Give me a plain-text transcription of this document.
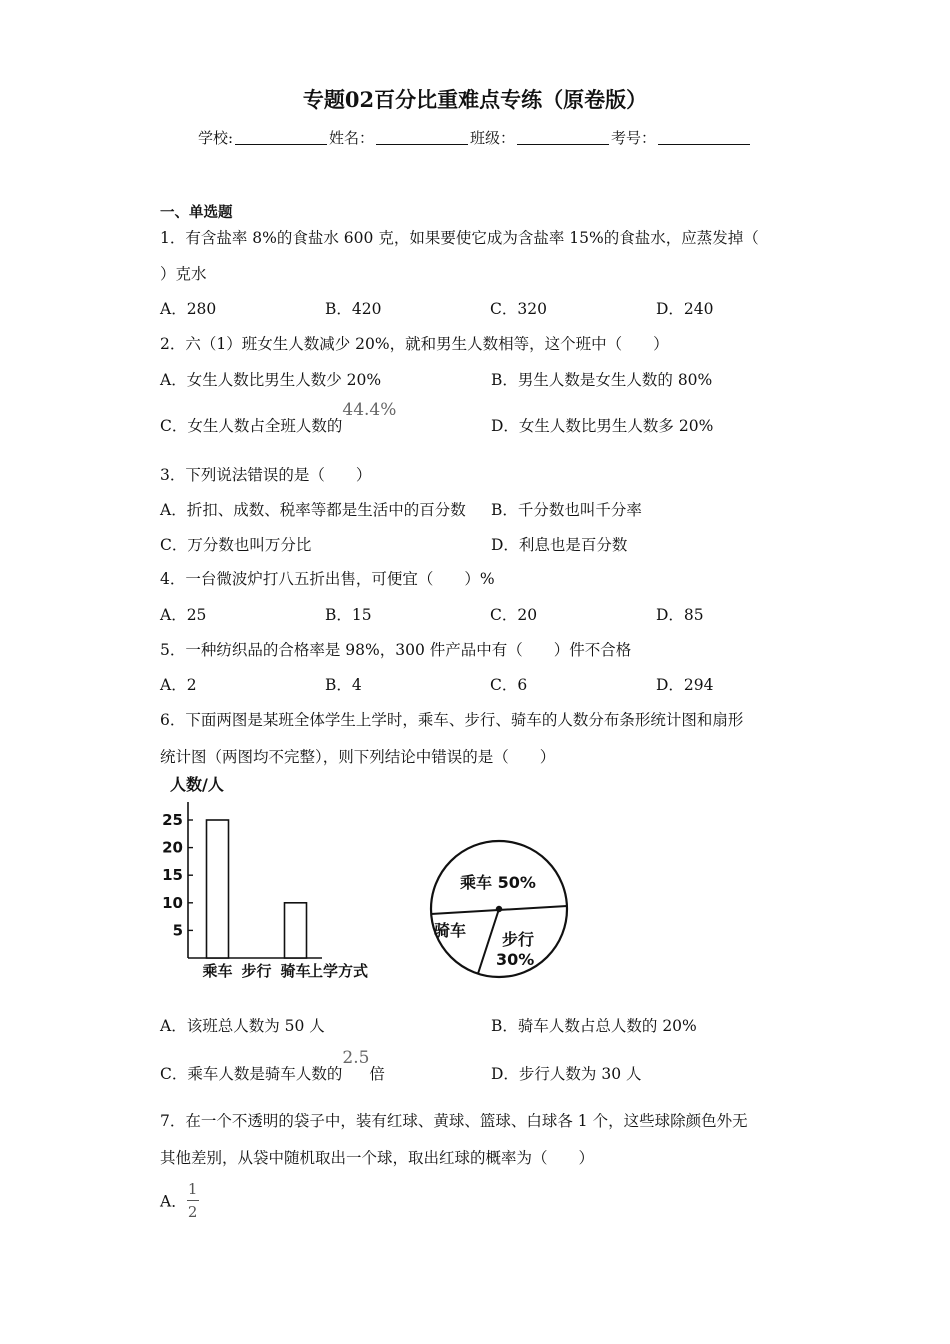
专题02百分比重难点专练（原卷版）
学校:	姓名：	班级：	考号：
一、单选题
1．有含盐率 8%的食盐水 600 克，如果要使它成为含盐率 15%的食盐水，应蒸发掉（
）克水
A．280	B．420	C．320	D．240
2．六（1）班女生人数减少 20%，就和男生人数相等，这个班中（　　）
A．女生人数比男生人数少 20%	B．男生人数是女生人数的 80%
C．女生人数占全班人数的44.4%
D．女生人数比男生人数多 20%
3．下列说法错误的是（　　）
A．折扣、成数、税率等都是生活中的百分数 B．千分数也叫千分率
C．万分数也叫万分比	D．利息也是百分数
4．一台微波炉打八五折出售，可便宜（　　）%
A．25	B．15	C．20	D．85
5．一种纺织品的合格率是 98%，300 件产品中有（　　）件不合格
A．2	B．4	C．6	D．294
6．下面两图是某班全体学生上学时，乘车、步行、骑车的人数分布条形统计图和扇形
统计图（两图均不完整），则下列结论中错误的是（　　）
人数/人
5
10
15
20
25
乘车 步行 骑车
上学方式
乘车 50%
骑车 步行
30%
A．该班总人数为 50 人	B．骑车人数占总人数的 20%
C．乘车人数是骑车人数的2.5倍	D．步行人数为 30 人
7．在一个不透明的袋子中，装有红球、黄球、篮球、白球各 1 个，这些球除颜色外无
其他差别，从袋中随机取出一个球，取出红球的概率为（　　）
A． $\frac{1}{2}$
